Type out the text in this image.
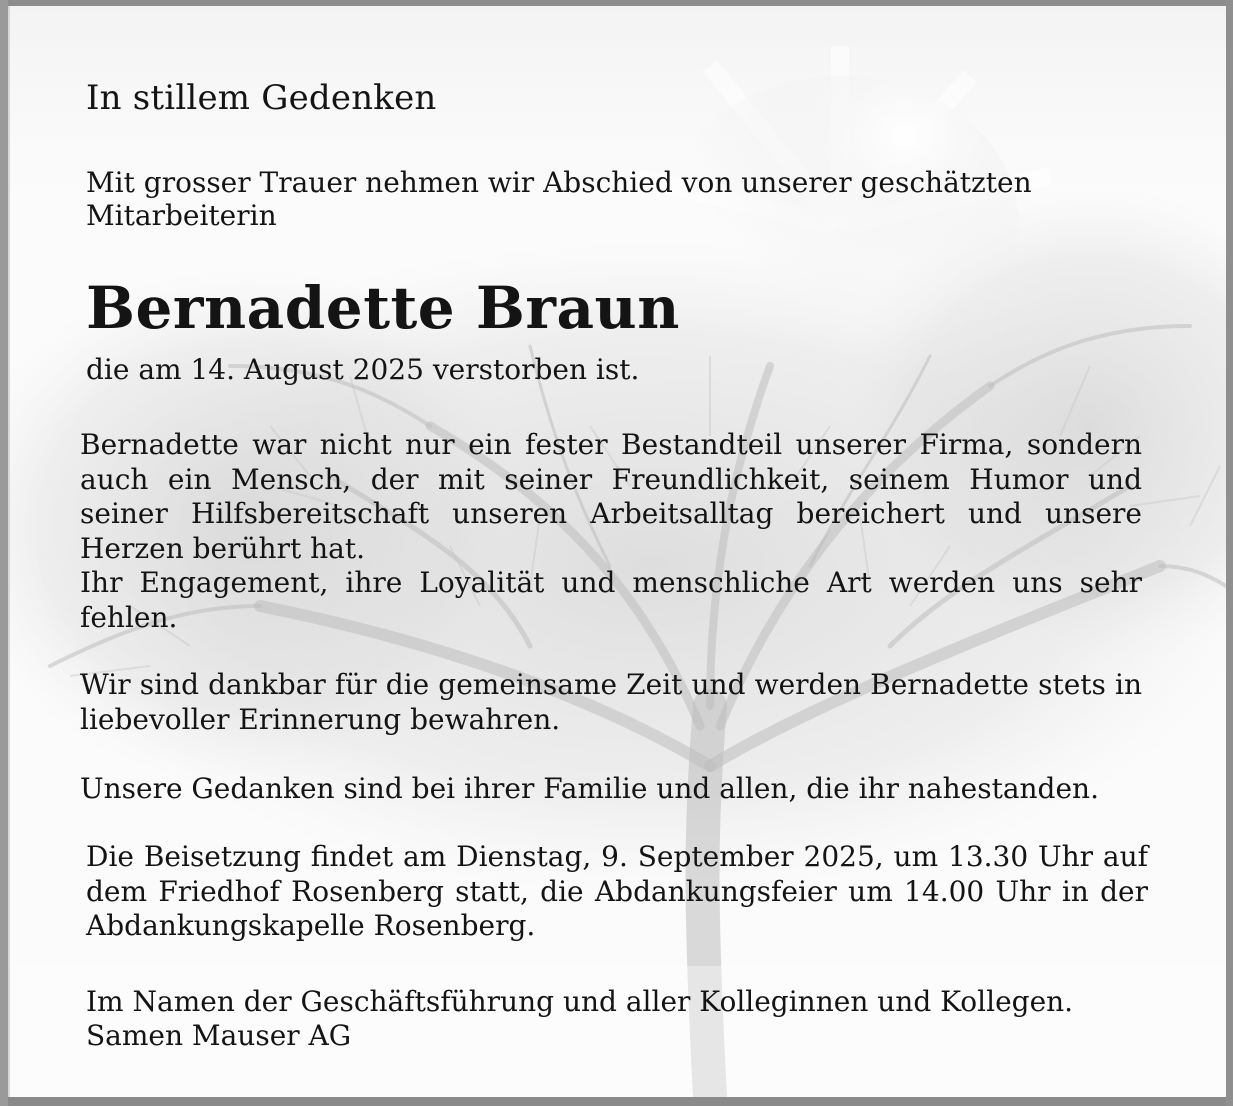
In stillem Gedenken

Mit grosser Trauer nehmen wir Abschied von unserer geschätzten Mitarbeiterin

Bernadette Braun

die am 14. August 2025 verstorben ist.

Bernadette war nicht nur ein fester Bestandteil unserer Firma, sondern auch ein Mensch, der mit seiner Freundlichkeit, seinem Humor und seiner Hilfsbereitschaft unseren Arbeitsalltag bereichert und unsere Herzen berührt hat.
Ihr Engagement, ihre Loyalität und menschliche Art werden uns sehr fehlen.

Wir sind dankbar für die gemeinsame Zeit und werden Bernadette stets in liebevoller Erinnerung bewahren.

Unsere Gedanken sind bei ihrer Familie und allen, die ihr nahestanden.

Die Beisetzung findet am Dienstag, 9. September 2025, um 13.30 Uhr auf dem Friedhof Rosenberg statt, die Abdankungsfeier um 14.00 Uhr in der Abdankungskapelle Rosenberg.

Im Namen der Geschäftsführung und aller Kolleginnen und Kollegen.
Samen Mauser AG
